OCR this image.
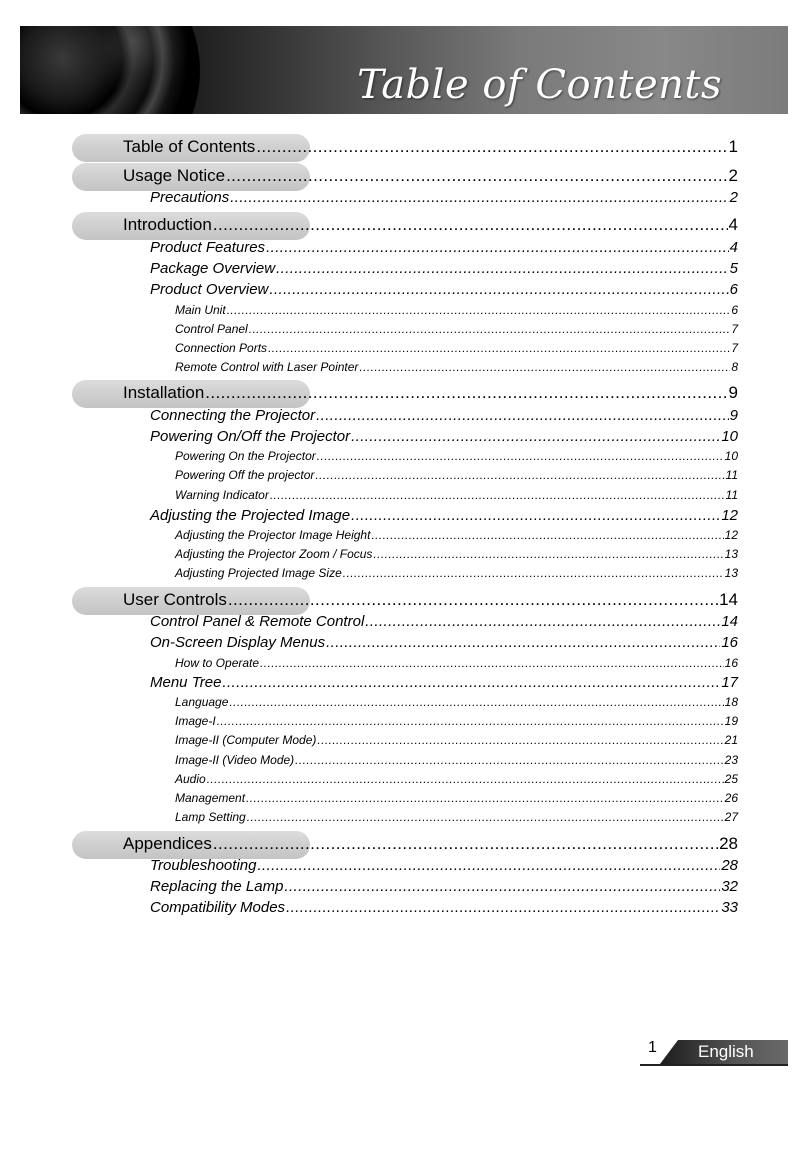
Table of Contents
Table of Contents .....	1
Usage Notice .....	2
Precautions .....	2
Introduction .....	4
Product Features .....	4
Package Overview .....	5
Product Overview .....	6
Main Unit .....	6
Control Panel .....	7
Connection Ports .....	7
Remote Control with Laser Pointer .....	8
Installation .....	9
Connecting the Projector .....	9
Powering On/Off the Projector .....	10
Powering On the Projector .....	10
Powering Off the projector .....	11
Warning Indicator .....	11
Adjusting the Projected Image .....	12
Adjusting the Projector Image Height .....	12
Adjusting the Projector Zoom / Focus .....	13
Adjusting Projected Image Size .....	13
User Controls .....	14
Control Panel & Remote Control .....	14
On-Screen Display Menus .....	16
How to Operate .....	16
Menu Tree .....	17
Language .....	18
Image-I .....	19
Image-II (Computer Mode) .....	21
Image-II (Video Mode) .....	23
Audio .....	25
Management .....	26
Lamp Setting .....	27
Appendices .....	28
Troubleshooting .....	28
Replacing the Lamp .....	32
Compatibility Modes .....	33
1 English
